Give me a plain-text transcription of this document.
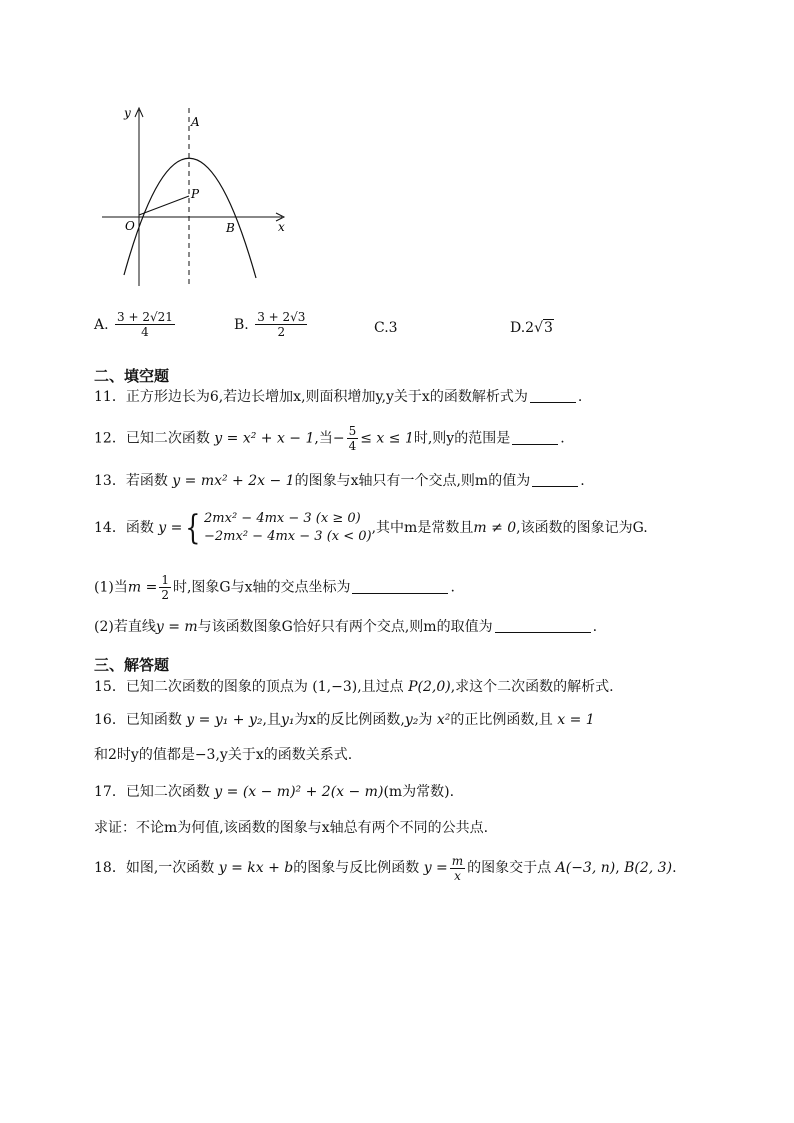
y
x
O
A
P
B
A. $\frac{3 + 2√21}{4}$	B. $\frac{3 + 2√3}{2}$	C.3	D.2√3
二、填空题
11．正方形边长为6,若边长增加x,则面积增加y,y关于x的函数解析式为	.
12．已知二次函数 y = x² + x − 1,当− $\frac{5}{4} \le x \le 1$时,则y的范围是	.
13．若函数 y = mx² + 2x − 1的图象与x轴只有一个交点,则m的值为	.
14．函数 y ={ 2mx² − 4mx − 3 (x ≥ 0)
−2mx² − 4mx − 3 (x < 0)
,其中m是常数且m ≠ 0,该函数的图象记为G.
(1)当$m = \frac{1}{2}$ 时,图象G与x轴的交点坐标为	.
(2)若直线y = m与该函数图象G恰好只有两个交点,则m的取值为	.
三、解答题
15．已知二次函数的图象的顶点为 (1,−3),且过点 P(2,0),求这个二次函数的解析式.
16．已知函数 y = y₁ + y₂,且y₁为x的反比例函数,y₂为 x²的正比例函数,且 x = 1
和2时y的值都是−3,y关于x的函数关系式.
17．已知二次函数 y = (x − m)² + 2(x − m)(m为常数).
求证：不论m为何值,该函数的图象与x轴总有两个不同的公共点.
18．如图,一次函数 y = kx + b的图象与反比例函数 $y = \frac{m}{x}$ 的图象交于点 A(−3, n), B(2, 3).
